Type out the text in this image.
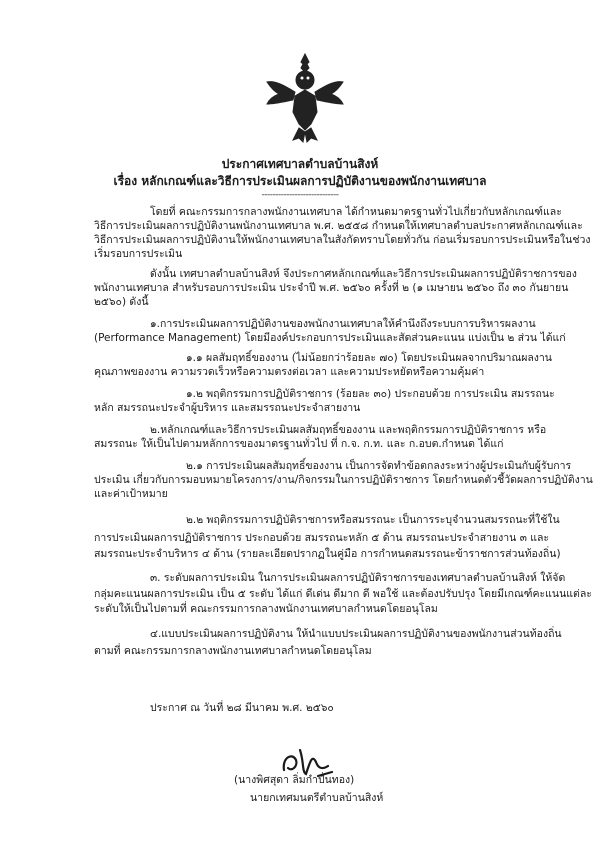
ประกาศเทศบาลตำบลบ้านสิงห์
เรื่อง หลักเกณฑ์และวิธีการประเมินผลการปฏิบัติงานของพนักงานเทศบาล
----------------------------
โดยที่ คณะกรรมการกลางพนักงานเทศบาล ได้กำหนดมาตรฐานทั่วไปเกี่ยวกับหลักเกณฑ์และ
วิธีการประเมินผลการปฏิบัติงานพนักงานเทศบาล พ.ศ. ๒๕๕๘ กำหนดให้เทศบาลตำบลประกาศหลักเกณฑ์และ
วิธีการประเมินผลการปฏิบัติงานให้พนักงานเทศบาลในสังกัดทราบโดยทั่วกัน ก่อนเริ่มรอบการประเมินหรือในช่วง
เริ่มรอบการประเมิน
ดังนั้น เทศบาลตำบลบ้านสิงห์ จึงประกาศหลักเกณฑ์และวิธีการประเมินผลการปฏิบัติราชการของ
พนักงานเทศบาล สำหรับรอบการประเมิน ประจำปี พ.ศ. ๒๕๖๐ ครั้งที่ ๒ (๑ เมษายน ๒๕๖๐ ถึง ๓๐ กันยายน
๒๕๖๐) ดังนี้
๑.การประเมินผลการปฏิบัติงานของพนักงานเทศบาลให้คำนึงถึงระบบการบริหารผลงาน
(Performance Management) โดยมีองค์ประกอบการประเมินและสัดส่วนคะแนน แบ่งเป็น ๒ ส่วน ได้แก่
๑.๑ ผลสัมฤทธิ์ของงาน (ไม่น้อยกว่าร้อยละ ๗๐) โดยประเมินผลจากปริมาณผลงาน
คุณภาพของงาน ความรวดเร็วหรือความตรงต่อเวลา และความประหยัดหรือความคุ้มค่า
๑.๒ พฤติกรรมการปฏิบัติราชการ (ร้อยละ ๓๐) ประกอบด้วย การประเมิน สมรรถนะ
หลัก สมรรถนะประจำผู้บริหาร และสมรรถนะประจำสายงาน
๒.หลักเกณฑ์และวิธีการประเมินผลสัมฤทธิ์ของงาน และพฤติกรรมการปฏิบัติราชการ หรือ
สมรรถนะ ให้เป็นไปตามหลักการของมาตรฐานทั่วไป ที่ ก.จ. ก.ท. และ ก.อบต.กำหนด ได้แก่
๒.๑ การประเมินผลสัมฤทธิ์ของงาน เป็นการจัดทำข้อตกลงระหว่างผู้ประเมินกับผู้รับการ
ประเมิน เกี่ยวกับการมอบหมายโครงการ/งาน/กิจกรรมในการปฏิบัติราชการ โดยกำหนดตัวชี้วัดผลการปฏิบัติงาน
และค่าเป้าหมาย
๒.๒ พฤติกรรมการปฏิบัติราชการหรือสมรรถนะ เป็นการระบุจำนวนสมรรถนะที่ใช้ใน
การประเมินผลการปฏิบัติราชการ ประกอบด้วย สมรรถนะหลัก ๕ ด้าน สมรรถนะประจำสายงาน ๓ และ
สมรรถนะประจำบริหาร ๔ ด้าน (รายละเอียดปรากฏในคู่มือ การกำหนดสมรรถนะข้าราชการส่วนท้องถิ่น)
๓. ระดับผลการประเมิน ในการประเมินผลการปฏิบัติราชการของเทศบาลตำบลบ้านสิงห์ ให้จัด
กลุ่มคะแนนผลการประเมิน เป็น ๕ ระดับ ได้แก่ ดีเด่น ดีมาก ดี พอใช้ และต้องปรับปรุง โดยมีเกณฑ์คะแนนแต่ละ
ระดับให้เป็นไปตามที่ คณะกรรมการกลางพนักงานเทศบาลกำหนดโดยอนุโลม
๔.แบบประเมินผลการปฏิบัติงาน ให้นำแบบประเมินผลการปฏิบัติงานของพนักงานส่วนท้องถิ่น
ตามที่ คณะกรรมการกลางพนักงานเทศบาลกำหนดโดยอนุโลม
ประกาศ ณ วันที่ ๒๘ มีนาคม พ.ศ. ๒๕๖๐
(นางพิศสุดา ลิ่มกำปั่นทอง)
นายกเทศมนตรีตำบลบ้านสิงห์
